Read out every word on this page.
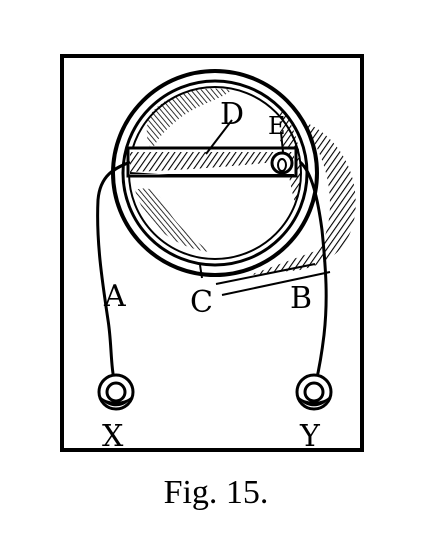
D E
A C	B
X	Y
Fig. 15.
